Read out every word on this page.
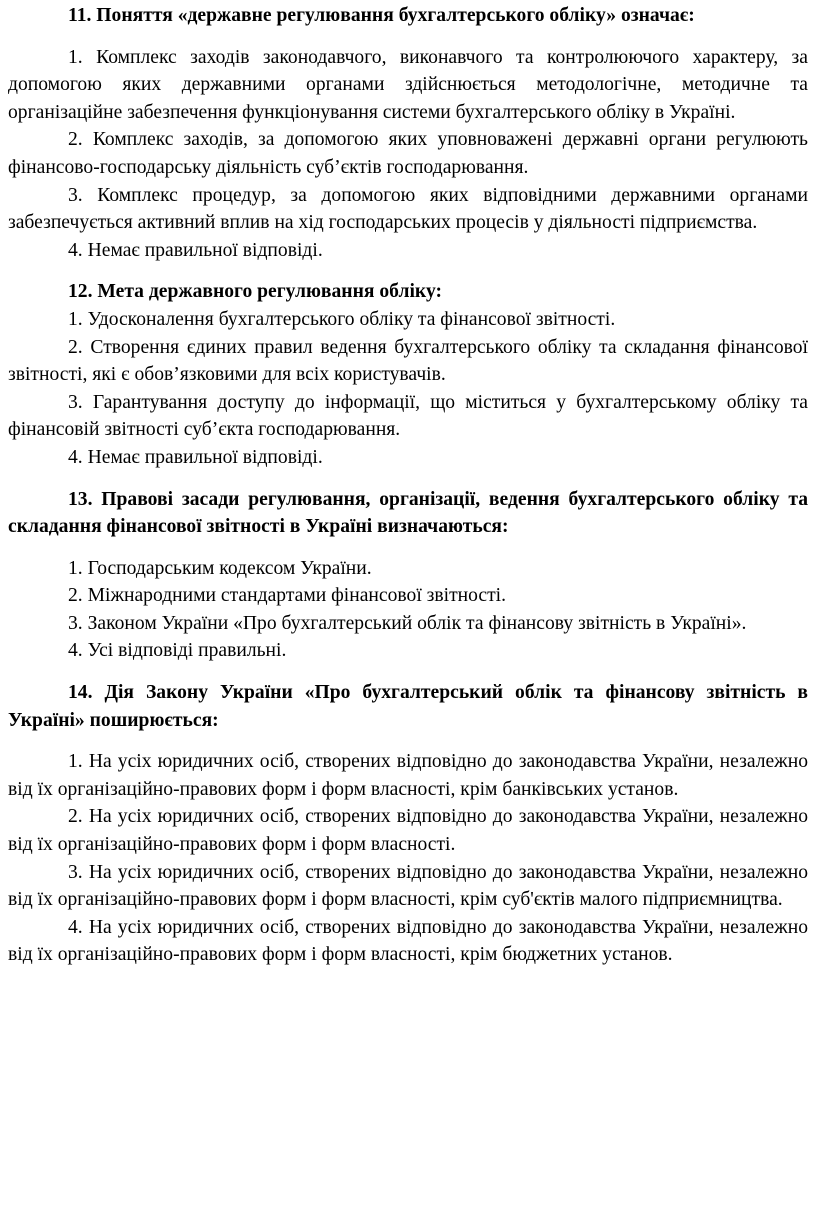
11. Поняття «державне регулювання бухгалтерського обліку» означає:

1. Комплекс заходів законодавчого, виконавчого та контролюючого характеру, за допомогою яких державними органами здійснюється методологічне, методичне та організаційне забезпечення функціонування системи бухгалтерського обліку в Україні.

2. Комплекс заходів, за допомогою яких уповноважені державні органи регулюють фінансово-господарську діяльність суб’єктів господарювання.

3. Комплекс процедур, за допомогою яких відповідними державними органами забезпечується активний вплив на хід господарських процесів у діяльності підприємства.

4. Немає правильної відповіді.

12. Мета державного регулювання обліку:

1. Удосконалення бухгалтерського обліку та фінансової звітності.

2. Створення єдиних правил ведення бухгалтерського обліку та складання фінансової звітності, які є обов’язковими для всіх користувачів.

3. Гарантування доступу до інформації, що міститься у бухгалтерському обліку та фінансовій звітності суб’єкта господарювання.

4. Немає правильної відповіді.

13. Правові засади регулювання, організації, ведення бухгалтерського обліку та складання фінансової звітності в Україні визначаються:

1. Господарським кодексом України.

2. Міжнародними стандартами фінансової звітності.

3. Законом України «Про бухгалтерський облік та фінансову звітність в Україні».

4. Усі відповіді правильні.

14. Дія Закону України «Про бухгалтерський облік та фінансову звітність в Україні» поширюється:

1. На усіх юридичних осіб, створених відповідно до законодавства України, незалежно від їх організаційно-правових форм і форм власності, крім банківських установ.

2. На усіх юридичних осіб, створених відповідно до законодавства України, незалежно від їх організаційно-правових форм і форм власності.

3. На усіх юридичних осіб, створених відповідно до законодавства України, незалежно від їх організаційно-правових форм і форм власності, крім суб'єктів малого підприємництва.

4. На усіх юридичних осіб, створених відповідно до законодавства України, незалежно від їх організаційно-правових форм і форм власності, крім бюджетних установ.
